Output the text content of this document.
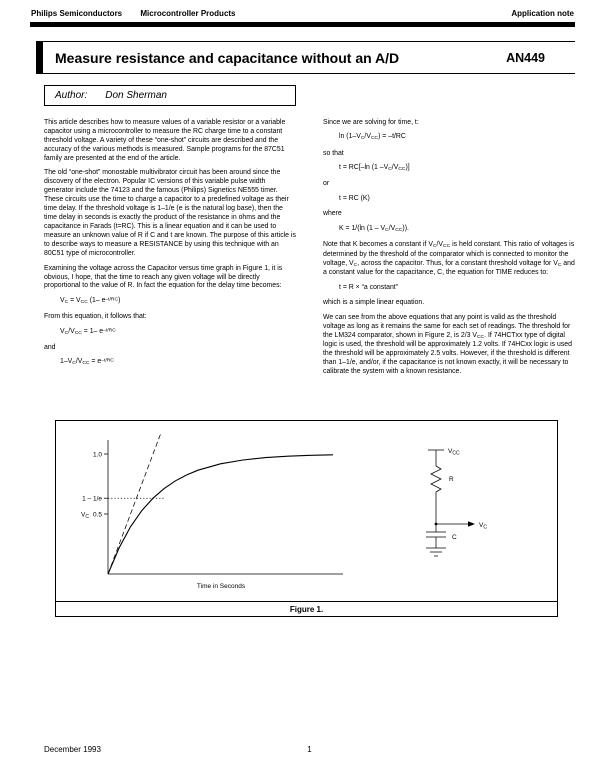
Philips Semiconductors Microcontroller Products	Application note
Measure resistance and capacitance without an A/D	AN449
Author: Don Sherman

This article describes how to measure values of a variable resistor or a variable capacitor using a microcontroller to measure the RC charge time to a constant threshold voltage. A variety of these “one-shot” circuits are described and the accuracy of the various methods is measured. Sample programs for the 87C51 family are presented at the end of the article.

The old “one-shot” monostable multivibrator circuit has been around since the discovery of the electron. Popular IC versions of this variable pulse width generator include the 74123 and the famous (Philips) Signetics NE555 timer. These circuits use the time to charge a capacitor to a predefined voltage as their time delay. If the threshold voltage is 1–1/e (e is the natural log base), then the time delay in seconds is exactly the product of the resistance in ohms and the capacitance in Farads (t=RC). This is a linear equation and it can be used to measure an unknown value of R if C and t are known. The purpose of this article is to describe ways to measure a RESISTANCE by using this technique with an 80C51 type of microcontroller.

Examining the voltage across the Capacitor versus time graph in Figure 1, it is obvious, I hope, that the time to reach any given voltage will be directly proportional to the value of R. In fact the equation for the delay time becomes:

$V_C = V_{CC}$ (1– $e^{-t/RC}$)

From this equation, it follows that:

$V_C/V_{CC} = 1-$ $e^{-t/RC}$

and

$1-V_C/V_{CC} = e^{-t/RC}$

Since we are solving for time, t:

$\ln (1-V_C/V_{CC}) = -t/RC$

so that

t = RC[–ln (1 $-V_C/V_{CC}$)]

or

t = RC (K)

where

K = 1/(ln $(1 - V_C/V_{CC})$).

Note that K becomes a constant if $V_C/V_{CC}$ is held constant. This ratio of voltages is determined by the threshold of the comparator which is connected to monitor the voltage, $V_C$, across the capacitor. Thus, for a constant threshold voltage for $V_C$ and a constant value for the capacitance, C, the equation for TIME reduces to:

t = R × “a constant”

which is a simple linear equation.

We can see from the above equations that any point is valid as the threshold voltage as long as it remains the same for each set of readings. The threshold for the LM324 comparator, shown in Figure 2, is 2/3 $V_{CC}$. If 74HCTxx type of digital logic is used, the threshold will be approximately 1.2 volts. If 74HCxx logic is used the threshold will be approximately 2.5 volts. However, if the threshold is different than 1–1/e, and/or, if the capacitance is not known exactly, it will be necessary to calibrate the system with a known resistance.

1.0
1 – 1/e
0.5
$V_C$
Time in Seconds
$V_{CC}$
R
$V_C$
C
Figure 1.
December 1993	1
